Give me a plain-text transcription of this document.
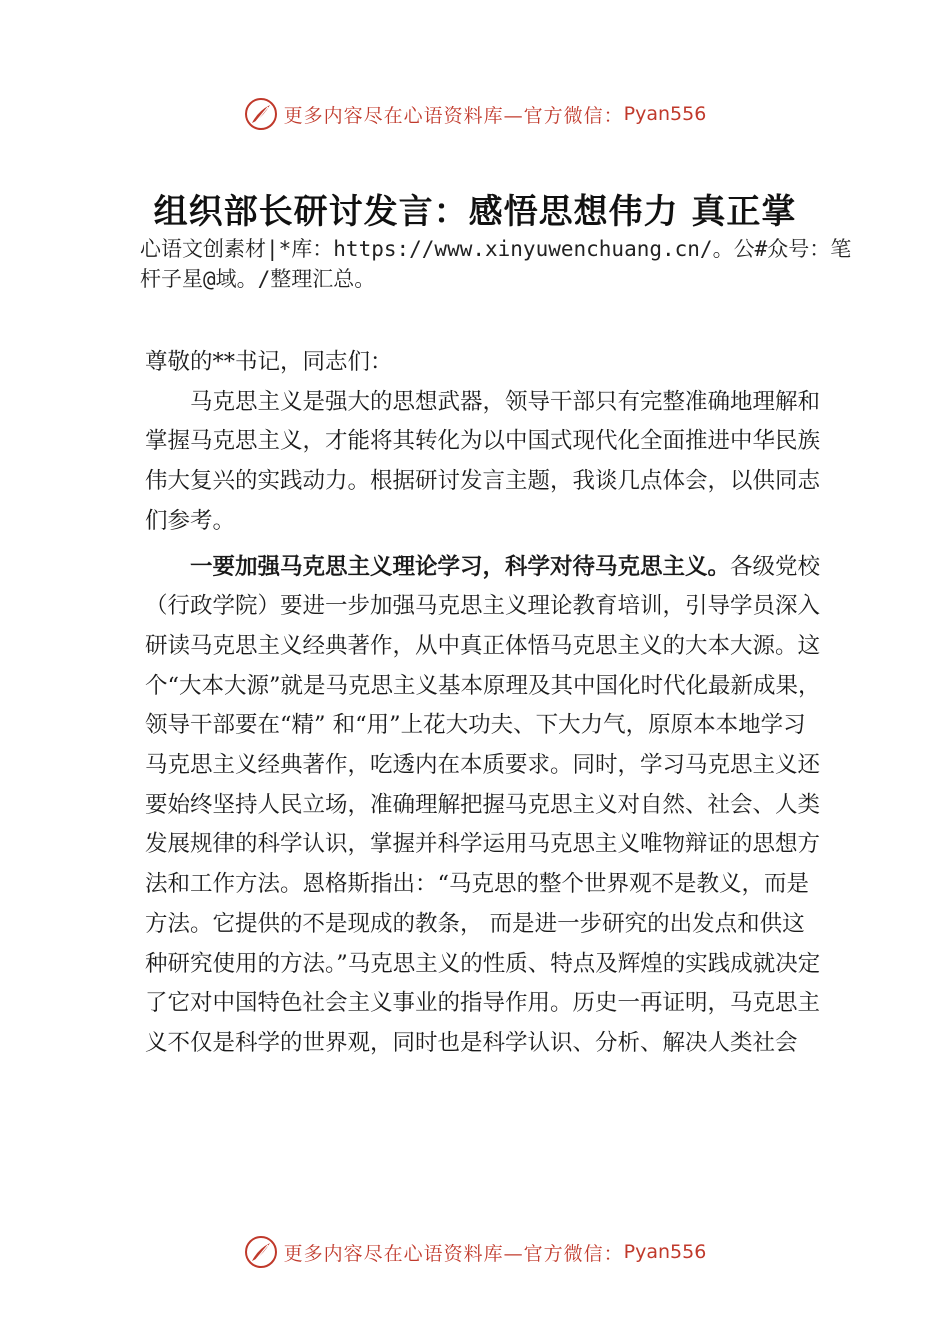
更多内容尽在心语资料库—官方微信： Pyan556
组织部长研讨发言：感悟思想伟力 真正掌
心语文创素材|*库：https://www.xinyuwenchuang.cn/。公#众号：笔杆子星@域。/整理汇总。

尊敬的**书记，同志们：

马克思主义是强大的思想武器，领导干部只有完整准确地理解和掌握马克思主义，才能将其转化为以中国式现代化全面推进中华民族伟大复兴的实践动力。根据研讨发言主题，我谈几点体会，以供同志们参考。

一要加强马克思主义理论学习，科学对待马克思主义。各级党校（行政学院）要进一步加强马克思主义理论教育培训，引导学员深入研读马克思主义经典著作，从中真正体悟马克思主义的大本大源。这个“大本大源”就是马克思主义基本原理及其中国化时代化最新成果，领导干部要在“精” 和“用”上花大功夫、下大力气，原原本本地学习马克思主义经典著作，吃透内在本质要求。同时，学习马克思主义还要始终坚持人民立场，准确理解把握马克思主义对自然、社会、人类发展规律的科学认识，掌握并科学运用马克思主义唯物辩证的思想方法和工作方法。恩格斯指出：“马克思的整个世界观不是教义，而是方法。它提供的不是现成的教条， 而是进一步研究的出发点和供这种研究使用的方法。”马克思主义的性质、特点及辉煌的实践成就决定了它对中国特色社会主义事业的指导作用。历史一再证明，马克思主义不仅是科学的世界观，同时也是科学认识、分析、解决人类社会

更多内容尽在心语资料库—官方微信： Pyan556
